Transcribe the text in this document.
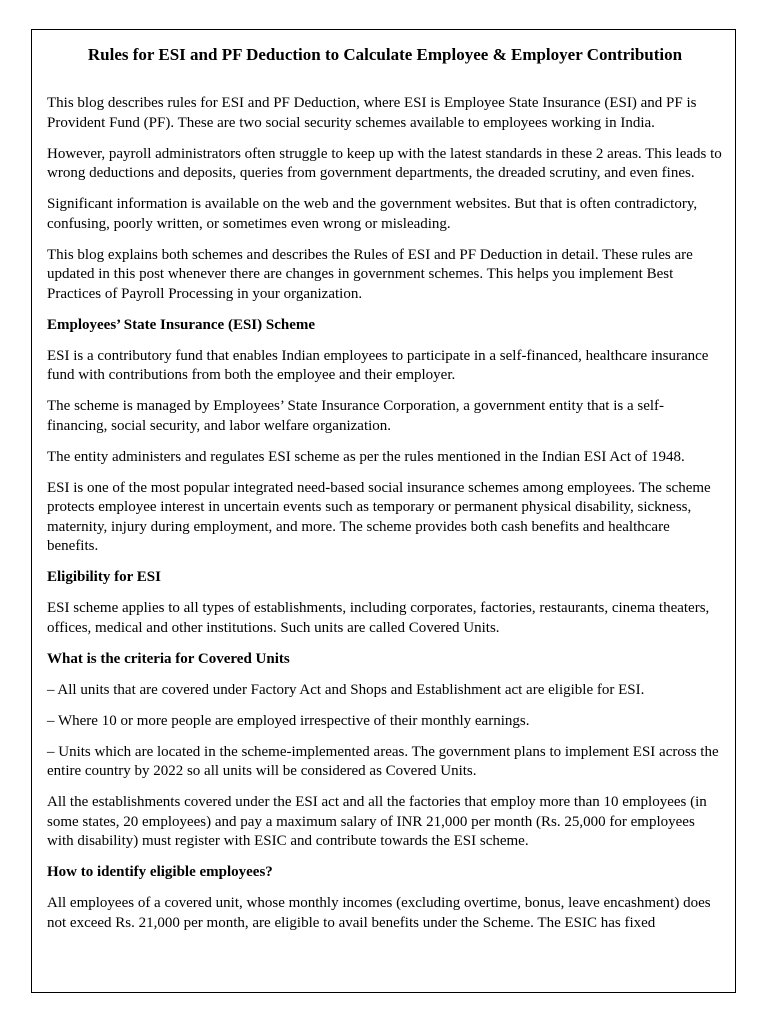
Rules for ESI and PF Deduction to Calculate Employee & Employer Contribution

This blog describes rules for ESI and PF Deduction, where ESI is Employee State Insurance (ESI) and PF is Provident Fund (PF). These are two social security schemes available to employees working in India.

However, payroll administrators often struggle to keep up with the latest standards in these 2 areas. This leads to wrong deductions and deposits, queries from government departments, the dreaded scrutiny, and even fines.

Significant information is available on the web and the government websites. But that is often contradictory, confusing, poorly written, or sometimes even wrong or misleading.

This blog explains both schemes and describes the Rules of ESI and PF Deduction in detail. These rules are updated in this post whenever there are changes in government schemes. This helps you implement Best Practices of Payroll Processing in your organization.

Employees’ State Insurance (ESI) Scheme

ESI is a contributory fund that enables Indian employees to participate in a self-financed, healthcare insurance fund with contributions from both the employee and their employer.

The scheme is managed by Employees’ State Insurance Corporation, a government entity that is a self-financing, social security, and labor welfare organization.

The entity administers and regulates ESI scheme as per the rules mentioned in the Indian ESI Act of 1948.

ESI is one of the most popular integrated need-based social insurance schemes among employees. The scheme protects employee interest in uncertain events such as temporary or permanent physical disability, sickness, maternity, injury during employment, and more. The scheme provides both cash benefits and healthcare benefits.

Eligibility for ESI

ESI scheme applies to all types of establishments, including corporates, factories, restaurants, cinema theaters, offices, medical and other institutions. Such units are called Covered Units.

What is the criteria for Covered Units

– All units that are covered under Factory Act and Shops and Establishment act are eligible for ESI.

– Where 10 or more people are employed irrespective of their monthly earnings.

– Units which are located in the scheme-implemented areas. The government plans to implement ESI across the entire country by 2022 so all units will be considered as Covered Units.

All the establishments covered under the ESI act and all the factories that employ more than 10 employees (in some states, 20 employees) and pay a maximum salary of INR 21,000 per month (Rs. 25,000 for employees with disability) must register with ESIC and contribute towards the ESI scheme.

How to identify eligible employees?

All employees of a covered unit, whose monthly incomes (excluding overtime, bonus, leave encashment) does not exceed Rs. 21,000 per month, are eligible to avail benefits under the Scheme. The ESIC has fixed
